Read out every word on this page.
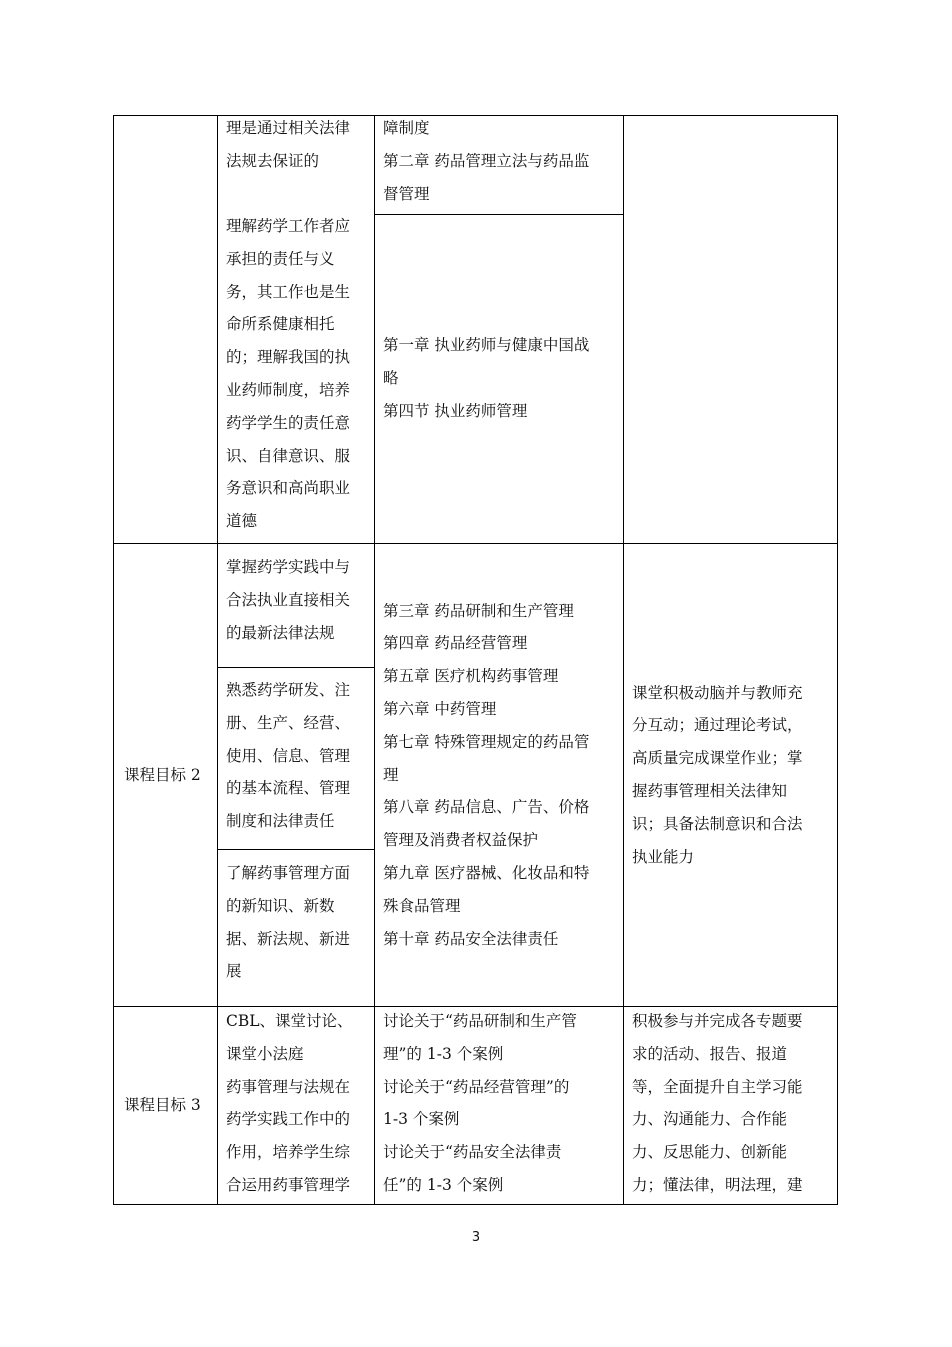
理是通过相关法律
法规去保证的
障制度
第二章 药品管理立法与药品监
督管理
理解药学工作者应
承担的责任与义
务，其工作也是生
命所系健康相托
的；理解我国的执
业药师制度，培养
药学学生的责任意
识、自律意识、服
务意识和高尚职业
道德
第一章 执业药师与健康中国战
略
第四节 执业药师管理
课程目标 2
掌握药学实践中与
合法执业直接相关
的最新法律法规
熟悉药学研发、注
册、生产、经营、
使用、信息、管理
的基本流程、管理
制度和法律责任
了解药事管理方面
的新知识、新数
据、新法规、新进
展
第三章 药品研制和生产管理
第四章 药品经营管理
第五章 医疗机构药事管理
第六章 中药管理
第七章 特殊管理规定的药品管
理
第八章 药品信息、广告、价格
管理及消费者权益保护
第九章 医疗器械、化妆品和特
殊食品管理
第十章 药品安全法律责任
课堂积极动脑并与教师充
分互动；通过理论考试，
高质量完成课堂作业；掌
握药事管理相关法律知
识；具备法制意识和合法
执业能力
课程目标 3
CBL、课堂讨论、
课堂小法庭
药事管理与法规在
药学实践工作中的
作用，培养学生综
合运用药事管理学
讨论关于“药品研制和生产管
理”的 1-3 个案例
讨论关于“药品经营管理”的
1-3 个案例
讨论关于“药品安全法律责
任”的 1-3 个案例
积极参与并完成各专题要
求的活动、报告、报道
等，全面提升自主学习能
力、沟通能力、合作能
力、反思能力、创新能
力；懂法律，明法理，建
3
